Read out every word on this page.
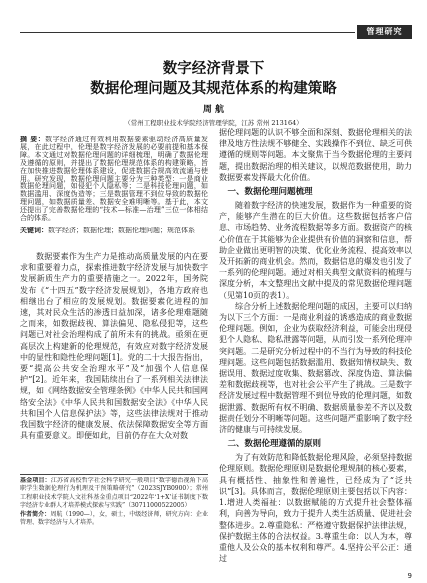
管理研究
数字经济背景下
数据伦理问题及其规范体系的构建策略
周 航
（常州工程职业技术学院经济管理学院，江苏 常州 213164）
摘 要：数字经济通过有效利用数据要素驱动经济高质量发展，在此过程中，伦理是数字经济发展的必要前提和基本保障。本文通过对数据伦理问题的详细梳理，明确了数据伦理及遵循的原则，并提出了数据伦理规范体系的构建策略，旨在加快推进数据伦理体系建设，促进数据合规高效流通与使用。研究发现，数据伦理问题主要分为三种类型：一是商业数据伦理问题，如侵犯个人隐私等；二是科技伦理问题，如数据滥用、深度伪造等；三是数据管理不到位导致的数据伦理问题，如数据质量差、数据安全难明晰等。基于此，本文还提出了完善数据伦理的“技术—标准—治理”三位一体相结合的体系。
关键词：数字经济；数据伦理；数据伦理问题；规范体系

数据要素作为生产力是推动高质量发展的内在要求和重要着力点，探索推进数字经济发展与加快数字发展新质生产力的重要措施之一。2022年，国务院发布《“十四五”数字经济发展规划》，各地方政府也相继出台了相应的发展规划。数据要素化进程的加速，其对民众生活的渗透日益加深，诸多伦理难题随之而来，如数据歧视、算法偏见、隐私侵犯等，这些问题已对社会治理构成了前所未有的挑战。亟须在更高层次上构建新的伦理规范，有效应对数字经济发展中的显性和隐性伦理问题[1]。党的二十大报告指出，要“提高公共安全治理水平”及“加强个人信息保护”[2]。近年来，我国陆续出台了一系列相关法律法规，如《网络数据安全管理条例》《中华人民共和国网络安全法》《中华人民共和国数据安全法》《中华人民共和国个人信息保护法》等，这些法律法规对于推动我国数字经济的健康发展、依法保障数据安全等方面具有重要意义。即便如此，目前仍存在大众对数

基金项目：江苏省高校哲学社会科学研究一般项目“数字德治视角下高职学生数据伦理行为机理及干预策略研究”（2023SJYB0900）；常州工程职业技术学院人文社科基金重点项目“2022年‘1+X’证书制度下数字经济专业群人才培养模式探索与实践”（30711000522005）
作者简介：周航（1990—），女，硕士，中级经济师，研究方向：企业管理、数字经济与人才培养。

据伦理问题的认识不够全面和深刻、数据伦理相关的法律及地方性法规不够健全、实践操作不到位、缺乏可供遵循的规则等问题。本文聚焦于当今数据伦理的主要问题，提出数据治理的相关建议，以规范数据使用，助力数据要素发挥最大化价值。

一、数据伦理问题梳理

随着数字经济的快速发展，数据作为一种重要的资产，能够产生潜在的巨大价值。这些数据包括客户信息、市场趋势、业务流程数据等多方面。数据资产的核心价值在于其能够为企业提供有价值的洞察和信息，帮助企业做出更明智的决策、优化业务流程、提高效率以及开拓新的商业机会。然而，数据信息的爆发也引发了一系列的伦理问题。通过对相关典型文献资料的梳理与深度分析，本文整理出文献中提及的常见数据伦理问题（见第10页的表1）。

综合分析上述数据伦理问题的成因，主要可以归纳为以下三个方面：一是商业利益的诱惑造成的商业数据伦理问题。例如，企业为获取经济利益，可能会出现侵犯个人隐私、隐私泄露等问题，从而引发一系列伦理冲突问题。二是研究分析过程中的不当行为导致的科技伦理问题。这些问题包括数据滥用、数据知情权缺失、数据误用、数据过度收集、数据篡改、深度伪造、算法偏差和数据歧视等，也对社会公平产生了挑战。三是数字经济发展过程中数据管理不到位导致的伦理问题，如数据泄露、数据所有权不明确、数据质量参差不齐以及数据责任划分不明晰等问题。这些问题严重影响了数字经济的健康与可持续发展。

二、数据伦理遵循的原则

为了有效防范和降低数据伦理风险，必须坚持数据伦理原则。数据伦理原则是数据伦理规制的核心要素，具有概括性、抽象性和普遍性，已经成为了“泛共识”[3]。具体而言，数据伦理原则主要包括以下内容：1.增进人类福祉：以数据赋能的方式提升社会整体福利，向善为导向，致力于提升人类生活质量、促进社会整体进步。2.尊重隐私：严格遵守数据保护法律法规，保护数据主体的合法权益。3.尊重生命：以人为本，尊重他人及公众的基本权利和尊严。4.坚持公平公正：通过

9
